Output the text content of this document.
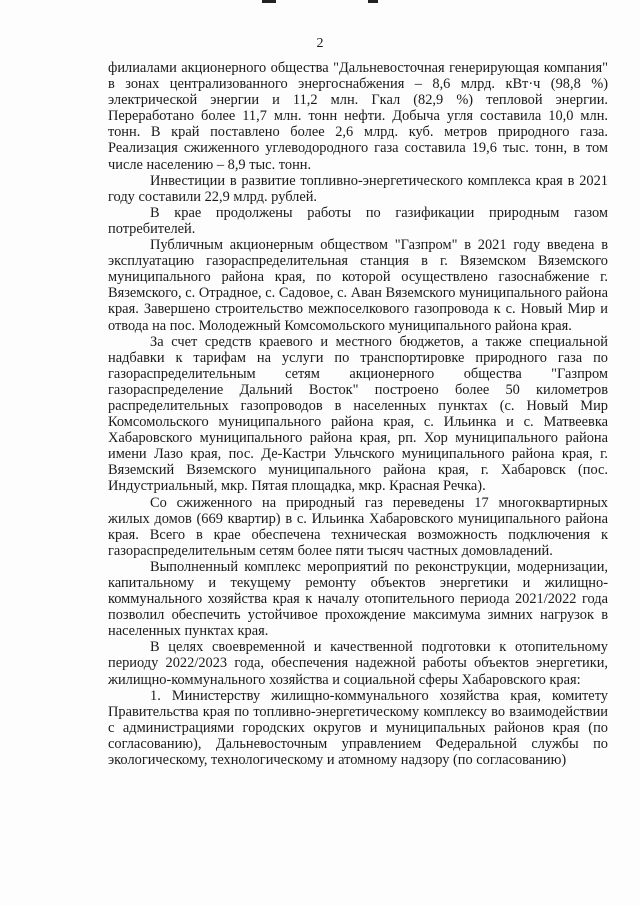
2

филиалами акционерного общества "Дальневосточная генерирующая компания" в зонах централизованного энергоснабжения – 8,6 млрд. кВт·ч (98,8 %) электрической энергии и 11,2 млн. Гкал (82,9 %) тепловой энергии. Переработано более 11,7 млн. тонн нефти. Добыча угля составила 10,0 млн. тонн. В край поставлено более 2,6 млрд. куб. метров природного газа. Реализация сжиженного углеводородного газа составила 19,6 тыс. тонн, в том числе населению – 8,9 тыс. тонн.

Инвестиции в развитие топливно-энергетического комплекса края в 2021 году составили 22,9 млрд. рублей.

В крае продолжены работы по газификации природным газом потребителей.

Публичным акционерным обществом "Газпром" в 2021 году введена в эксплуатацию газораспределительная станция в г. Вяземском Вяземского муниципального района края, по которой осуществлено газоснабжение г. Вяземского, с. Отрадное, с. Садовое, с. Аван Вяземского муниципального района края. Завершено строительство межпоселкового газопровода к с. Новый Мир и отвода на пос. Молодежный Комсомольского муниципального района края.

За счет средств краевого и местного бюджетов, а также специальной надбавки к тарифам на услуги по транспортировке природного газа по газораспределительным сетям акционерного общества "Газпром газораспределение Дальний Восток" построено более 50 километров распределительных газопроводов в населенных пунктах (с. Новый Мир Комсомольского муниципального района края, с. Ильинка и с. Матвеевка Хабаровского муниципального района края, рп. Хор муниципального района имени Лазо края, пос. Де-Кастри Ульчского муниципального района края, г. Вяземский Вяземского муниципального района края, г. Хабаровск (пос. Индустриальный, мкр. Пятая площадка, мкр. Красная Речка).

Со сжиженного на природный газ переведены 17 многоквартирных жилых домов (669 квартир) в с. Ильинка Хабаровского муниципального района края. Всего в крае обеспечена техническая возможность подключения к газораспределительным сетям более пяти тысяч частных домовладений.

Выполненный комплекс мероприятий по реконструкции, модернизации, капитальному и текущему ремонту объектов энергетики и жилищно-коммунального хозяйства края к началу отопительного периода 2021/2022 года позволил обеспечить устойчивое прохождение максимума зимних нагрузок в населенных пунктах края.

В целях своевременной и качественной подготовки к отопительному периоду 2022/2023 года, обеспечения надежной работы объектов энергетики, жилищно-коммунального хозяйства и социальной сферы Хабаровского края:

1. Министерству жилищно-коммунального хозяйства края, комитету Правительства края по топливно-энергетическому комплексу во взаимодействии с администрациями городских округов и муниципальных районов края (по согласованию), Дальневосточным управлением Федеральной службы по экологическому, технологическому и атомному надзору (по согласованию)
